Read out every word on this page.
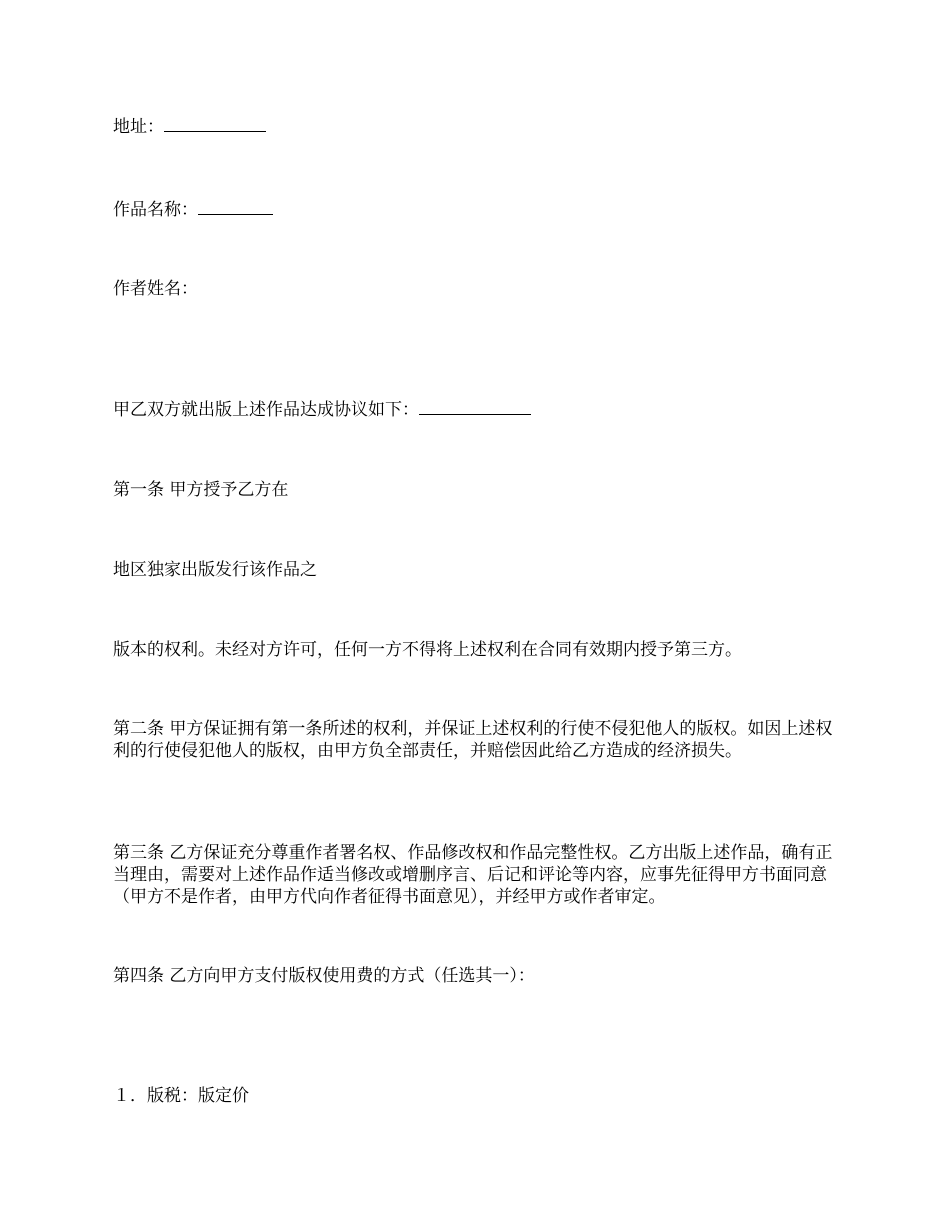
地址：

作品名称：

作者姓名：

甲乙双方就出版上述作品达成协议如下：

第一条 甲方授予乙方在

地区独家出版发行该作品之

版本的权利。未经对方许可，任何一方不得将上述权利在合同有效期内授予第三方。

第二条 甲方保证拥有第一条所述的权利，并保证上述权利的行使不侵犯他人的版权。如因上述权利的行使侵犯他人的版权，由甲方负全部责任，并赔偿因此给乙方造成的经济损失。

第三条 乙方保证充分尊重作者署名权、作品修改权和作品完整性权。乙方出版上述作品，确有正当理由，需要对上述作品作适当修改或增删序言、后记和评论等内容，应事先征得甲方书面同意（甲方不是作者，由甲方代向作者征得书面意见），并经甲方或作者审定。

第四条 乙方向甲方支付版权使用费的方式（任选其一）：

１．版税：版定价
